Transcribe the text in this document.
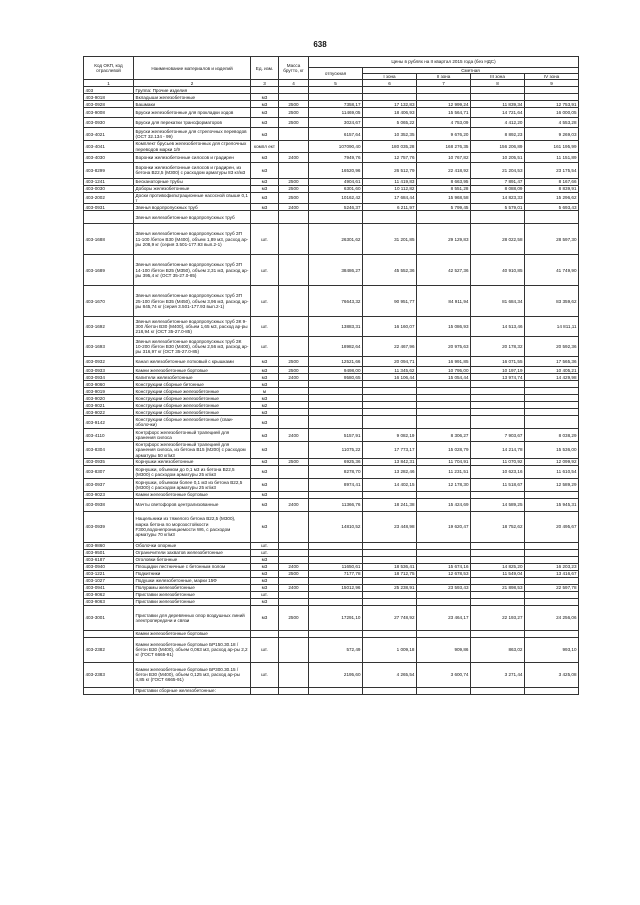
638
Код ОКП, код отраслевой	Наименование материалов и изделий	Ед. изм.	Масса брутто, кг	Цены в рублях на II квартал 2015 года (без НДС)				
				отпускная	Сметная			
					I зона	II зона	III зона	IV зона
1	2	3	4	5	6	7	8	9
403	Группа: Прочие изделия							
403-9018	Вкладыши железобетонные	м3						
403-0928	Башмаки	м3	2500	7358,17	17 132,83	12 999,24	11 839,34	12 753,91
403-9008	Бруски железобетонные для прокладки ходов	м3	2500	11469,05	18 406,93	15 564,71	14 721,64	16 000,05
403-0930	Бруски для перекатки трансформаторов	м3	2500	3024,67	5 065,22	4 753,09	4 412,20	4 553,28
403-4021	Бруски железобетонные для стрелочных переводов (ОСТ 32.134 - 99)	м3		6157,64	10 352,35	9 676,20	8 892,23	9 269,03
403-4041	Комплект брусьев железобетонных для стрелочных переводов марки 1/9	компл ект		107090,40	180 035,28	168 276,35	156 206,89	161 195,99
403-4030	Воронки железобетонные силосов и градирен	м3	2400	7949,76	12 757,76	10 767,82	10 205,51	11 151,89
403-8299	Воронки железобетонные силосов и градирен, из бетона B22,5 (М300) с расходом арматуры 83 кг/м3	м3		16520,96	26 512,79	22 418,92	21 204,53	23 175,54
403-1241	Бесканаторные трубы	м3	2500	4904,61	11 419,83	8 663,95	7 891,47	8 167,66
403-0030	Доборы железобетонные	м3	2500	6301,60	10 112,82	8 551,28	8 088,09	8 839,91
403-2002	Доски противофильтрационные насосной свыше 0,1 т	м3	2500	10162,42	17 684,44	15 968,58	14 823,33	15 296,62
403-0931	Звенья водопропускных труб	м3	2400	5246,37	6 211,97	5 799,45	5 579,01	5 693,43
	Звенья железобетонные водопропускных труб							
403-1688	Звенья железобетонные водопропускных труб ЗП 11-100 /бетон В30 (М400), объем 1,89 м3, расход ар-ры 208,9 кг (серия 3.501-177.93 вып.2-1)	шт.		26301,62	31 201,85	29 129,83	28 022,58	28 597,30
403-1689	Звенья железобетонные водопропускных труб ЗП 14-100 /бетон В25 (М350), объем 2,31 м3, расход ар-ры 395,4 кг (ОСТ 35-27.0-85)	шт.		38486,27	45 552,36	42 527,36	40 910,85	41 749,90
403-1670	Звенья железобетонные водопропускных труб ЗП 25-100 /бетон В35 (М450), объем 3,96 м3, расход ар-ры 845,74 кг (серия 3.501-177.93 вып.2-1)	шт.		76643,32	90 951,77	84 911,94	81 684,34	83 359,62
403-1692	Звенья железобетонные водопропускных труб ЗК 9-300 /бетон В30 (М400), объем 1,65 м3, расход ар-ры 218,94 кг (ОСТ 35-27.0-85)	шт.		13883,31	16 160,07	15 086,93	14 513,46	14 811,11
403-1693	Звенья железобетонные водопропускных труб ЗК 10-200 /бетон В30 (М400), объем 2,56 м3, расход ар-ры 316,97 кг (ОСТ 35-27.0-85)	шт.		18982,64	22 467,96	20 975,63	20 178,32	20 592,36
403-0932	Канал железобетонные лотковый с крышками	м3	2500	12521,66	20 094,71	16 991,85	16 071,55	17 565,36
403-0933	Камни железобетонные бортовые	м3	2500	9498,00	11 345,62	10 795,00	10 197,19	10 405,21
403-0934	Капители железобетонные	м3	2400	9580,65	16 106,44	15 054,44	13 974,74	14 429,98
403-9060	Конструкции сборные бетонные	м3						
403-9019	Конструкции сборные железобетонные	м						
403-9020	Конструкции сборные железобетонные	м3						
403-9021	Конструкции сборные железобетонные	м2						
403-9022	Конструкции сборные железобетонные	м3						
403-9142	Конструкции сборные железобетонные (сваи-оболочки)	м3						
403-4110	Контрфорс железобетонный трапецией для хранения силоса	м3	2400	5157,91	9 082,19	8 306,27	7 903,67	8 038,29
403-8304	Контрфорс железобетонный трапецией для хранения силоса, из бетона B15 (М200) с расходом арматуры 50 кг/м3	м3		11075,22	17 773,17	15 028,79	14 214,78	15 536,00
403-0935	Корнушки железобетонные	м3	2500	6925,36	13 842,31	11 704,91	11 070,92	12 099,92
403-8307	Корнушки, объемом до 0,1 м3 из бетона B22,5 (М300) с расходом арматуры 25 кг/м3	м3		8278,70	13 282,46	11 231,51	10 623,16	11 610,54
403-0937	Корнушки, объемом более 0,1 м3 из бетона B22,5 (М300) с расходом арматуры 25 кг/м3	м3		8974,41	14 402,15	12 178,30	11 518,67	12 589,29
403-9023	Камни железобетонные бортовые	м3						
403-0938	Мачты светофоров централизованные	м3	2400	11366,76	18 241,38	15 424,69	14 589,25	15 945,31
403-0939	Нащельники из тяжелого бетона B22,5 (М300), марка бетона по морозостойкости F300,водонепроницаемости W6, с расходом арматуры 70 кг/м3	м3		14810,52	23 448,98	19 620,47	18 752,62	20 495,67
403-9860	Оболочки опорные	шт.						
403-9501	Ограничители захватов железобетонные	шт.						
403-6187	Оголовки бетонные	м3						
403-0940	Площадки лестничные с бетонным полом	м3	2400	11650,61	18 536,41	15 674,16	14 825,20	16 203,23
403-1221	Подкитники	м3	2500	7177,78	18 712,75	12 678,53	11 549,04	13 416,67
403-1027	Подушки железобетонные, марки 15Ф	м3						
403-0941	Полурамы железобетонные	м3	2400	15012,96	25 238,91	23 593,43	21 898,53	22 597,78
403-9062	Приставки железобетонные	шт.						
403-9063	Приставки железобетонные	м3						
403-3001	Приставки для деревянных опор воздушных линий электропередачи и связи	м3	2500	17291,10	27 748,92	23 464,17	22 193,27	24 256,06
	Камни железобетонные бортовые							
403-2382	Камни железобетонные бортовые БР150.30.18 /бетон В30 (М400), объем 0,063 м3, расход ар-ры 2,2 кг (ГОСТ 6665-91)	шт.		572,49	1 009,18	909,86	863,02	993,10
403-2383	Камни железобетонные бортовые БР300.30.15 /бетон В30 (М400), объем 0,125 м3, расход ар-ры 4,85 кг (ГОСТ 6665-91)	шт.		2195,60	4 265,54	3 600,74	3 271,44	3 425,08
	Приставки сборные железобетонные:							
